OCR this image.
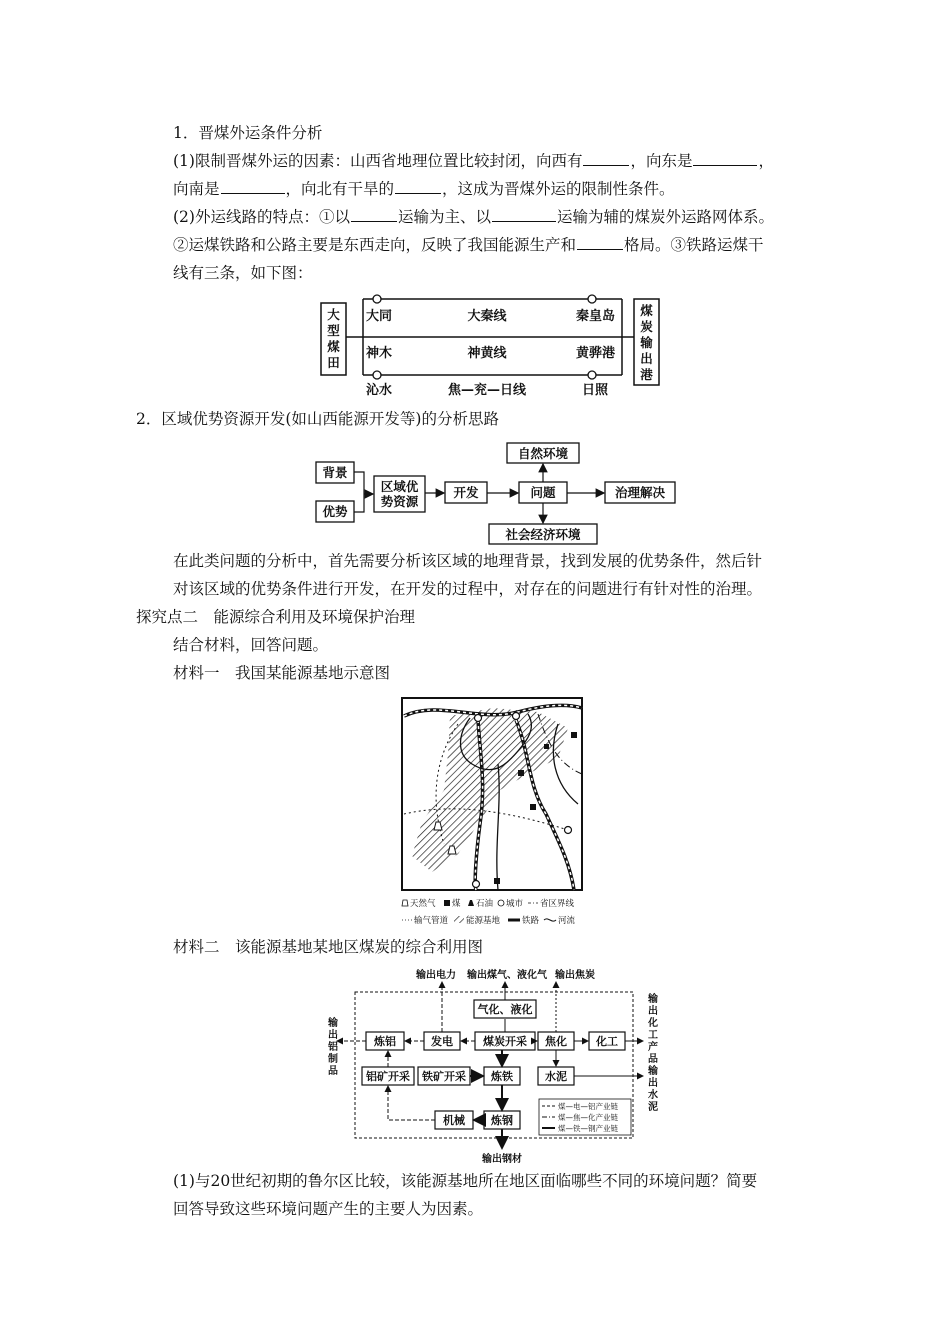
1．晋煤外运条件分析
(1)限制晋煤外运的因素：山西省地理位置比较封闭，向西有	，向东是	，
向南是	，向北有干旱的	，这成为晋煤外运的限制性条件。
(2)外运线路的特点：①以	运输为主、以	运输为辅的煤炭外运路网体系。
②运煤铁路和公路主要是东西走向，反映了我国能源生产和	格局。③铁路运煤干
线有三条，如下图：
大
型
煤
田
煤
炭
输
出
港
大同	大秦线	秦皇岛
神木	神黄线	黄骅港
沁水	焦—兖—日线	日照
2．区域优势资源开发(如山西能源开发等)的分析思路
背景
优势
区域优
势资源
开发	问题
自然环境
社会经济环境
治理解决
在此类问题的分析中，首先需要分析该区域的地理背景，找到发展的优势条件，然后针
对该区域的优势条件进行开发，在开发的过程中，对存在的问题进行有针对性的治理。
探究点二　能源综合利用及环境保护治理
结合材料，回答问题。
材料一　我国某能源基地示意图
天然气 煤 石油 城市 省区界线
输气管道 能源基地	铁路 河流
材料二　该能源基地某地区煤炭的综合利用图
输出电力 输出煤气、液化气 输出焦炭
气化、液化
炼铝	发电	煤炭开采 焦化	化工
铝矿开采 铁矿开采 炼铁	水泥
机械 炼钢
煤—电—铝产业链
煤—焦—化产业链
煤—铁—钢产业链
输
出
铝
制
品
输
出
化
工
产
品
输
出
水
泥
输出钢材
(1)与20世纪初期的鲁尔区比较，该能源基地所在地区面临哪些不同的环境问题？简要
回答导致这些环境问题产生的主要人为因素。
